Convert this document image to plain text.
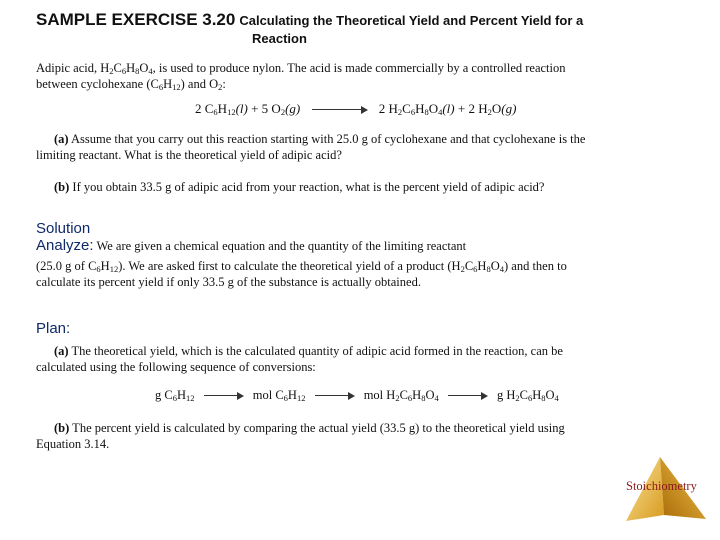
SAMPLE EXERCISE 3.20 Calculating the Theoretical Yield and Percent Yield for a
Reaction
Adipic acid, $H_2C_6H_8O_4$, is used to produce nylon. The acid is made commercially by a controlled reaction
between cyclohexane $(C_6H_{12})$ and $O_2$:
2 $C_6H_{12}(l) + 5$ $O_2(g)$	2 $H_2C_6H_8O_4(l) + 2$ $H_2O(g)$
(a) Assume that you carry out this reaction starting with 25.0 g of cyclohexane and that cyclohexane is the
limiting reactant. What is the theoretical yield of adipic acid?
(b) If you obtain 33.5 g of adipic acid from your reaction, what is the percent yield of adipic acid?
Solution
Analyze: We are given a chemical equation and the quantity of the limiting reactant
(25.0 g of $C_6H_{12}$). We are asked first to calculate the theoretical yield of a product $(H_2C_6H_8O_4)$ and then to
calculate its percent yield if only 33.5 g of the substance is actually obtained.
Plan:
(a) The theoretical yield, which is the calculated quantity of adipic acid formed in the reaction, can be
calculated using the following sequence of conversions:
g $C_6H_{12}$	mol $C_6H_{12}$	mol $H_2C_6H_8O_4$	g $H_2C_6H_8O_4$
(b) The percent yield is calculated by comparing the actual yield (33.5 g) to the theoretical yield using
Equation 3.14.
Stoichiometry
